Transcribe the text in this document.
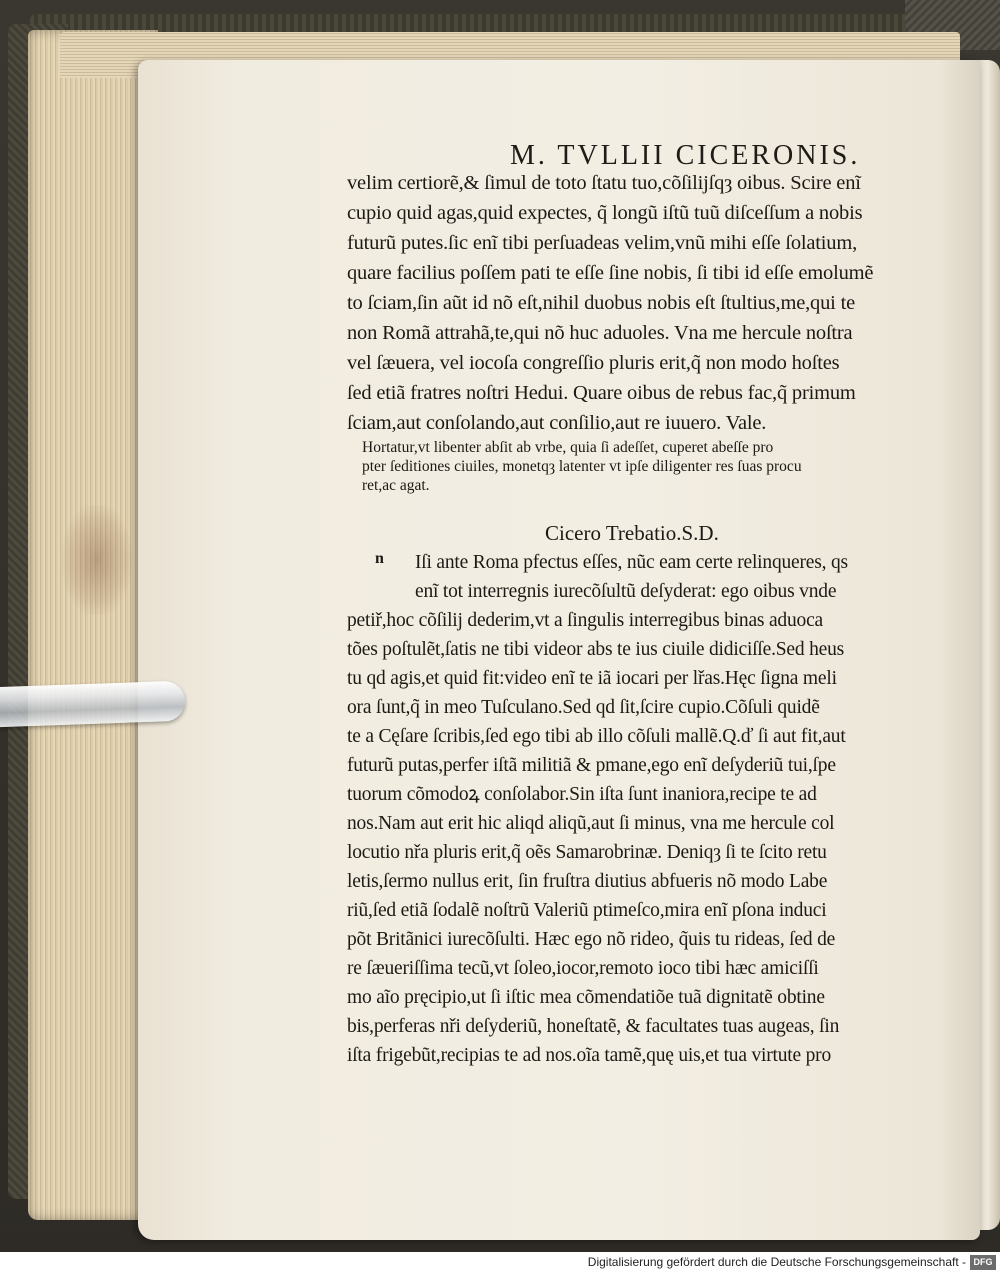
M. TVLLII CICERONIS.
velim certiorẽ,& ſimul de toto ſtatu tuo,cõſilijſqȝ oibus. Scire enĩ
cupio quid agas,quid expectes, q̃ longũ iſtũ tuũ diſceſſum a nobis
futurũ putes.ſic enĩ tibi perſuadeas velim,vnũ mihi eſſe ſolatium,
quare facilius poſſem pati te eſſe ſine nobis, ſi tibi id eſſe emolumẽ
to ſciam,ſin aũt id nõ eſt,nihil duobus nobis eſt ſtultius,me,qui te
non Romã attrahã,te,qui nõ huc aduoles. Vna me hercule noſtra
vel ſæuera, vel iocoſa congreſſio pluris erit,q̃ non modo hoſtes
ſed etiã fratres noſtri Hedui. Quare oibus de rebus fac,q̃ primum
ſciam,aut conſolando,aut conſilio,aut re iuuero. Vale.
Hortatur,vt libenter abſit ab vrbe, quia ſi adeſſet, cuperet abeſſe pro
pter ſeditiones ciuiles, monetqȝ latenter vt ipſe diligenter res ſuas procu
ret,ac agat.
Cicero Trebatio.S.D.
n	Iſi ante Roma pfectus eſſes, nũc eam certe relinqueres, qs
enĩ tot interregnis iurecõſultũ deſyderat: ego oibus vnde
petiř,hoc cõſilij dederim,vt a ſingulis interregibus binas aduoca
tões poſtulẽt,ſatis ne tibi videor abs te ius ciuile didiciſſe.Sed heus
tu qd agis,et quid fit:video enĩ te iã iocari per lřas.Hęc ſigna meli
ora ſunt,q̃ in meo Tuſculano.Sed qd ſit,ſcire cupio.Cõſuli quidẽ
te a Cęſare ſcribis,ſed ego tibi ab illo cõſuli mallẽ.Q.ď ſi aut fit,aut
futurũ putas,perfer iſtã militiã & pmane,ego enĩ deſyderiũ tui,ſpe
tuorum cõmodoꝝ conſolabor.Sin iſta ſunt inaniora,recipe te ad
nos.Nam aut erit hic aliqd aliqũ,aut ſi minus, vna me hercule col
locutio nřa pluris erit,q̃ oẽs Samarobrinæ. Deniqȝ ſi te ſcito retu
letis,ſermo nullus erit, ſin fruſtra diutius abfueris nõ modo Labe
riũ,ſed etiã ſodalẽ noſtrũ Valeriũ ptimeſco,mira enĩ pſona induci
põt Britãnici iurecõſulti. Hæc ego nõ rideo, q̃uis tu rideas, ſed de
re ſæueriſſima tecũ,vt ſoleo,iocor,remoto ioco tibi hæc amiciſſi
mo aĩo pręcipio,ut ſi iſtic mea cõmendatiõe tuã dignitatẽ obtine
bis,perferas nři deſyderiũ, honeſtatẽ, & facultates tuas augeas, ſin
iſta frigebũt,recipias te ad nos.oĩa tamẽ,quę uis,et tua virtute pro
Digitalisierung gefördert durch die Deutsche Forschungsgemeinschaft - DFG
